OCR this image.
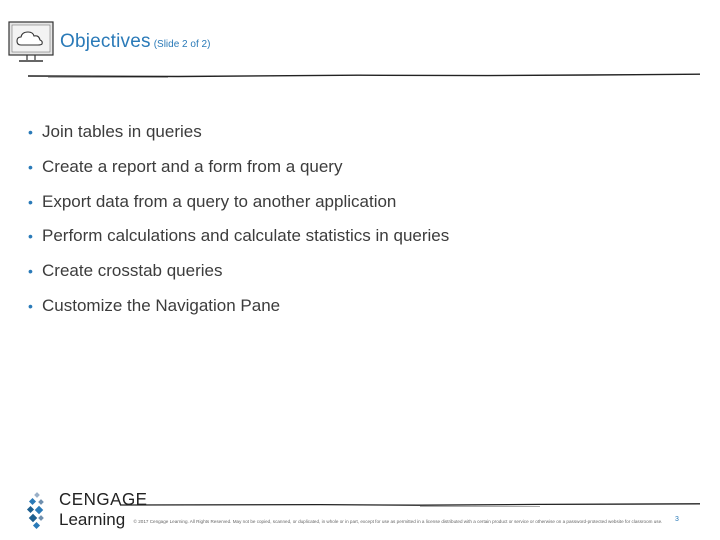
Objectives (Slide 2 of 2)
• Join tables in queries
• Create a report and a form from a query
• Export data from a query to another application
• Perform calculations and calculate statistics in queries
• Create crosstab queries
• Customize the Navigation Pane
CENGAGE
Learning	© 2017 Cengage Learning. All Rights Reserved. May not be copied, scanned, or duplicated, in whole or in part, except for use as permitted in a license distributed with a certain product or service or otherwise on a password-protected website for classroom use.	3
